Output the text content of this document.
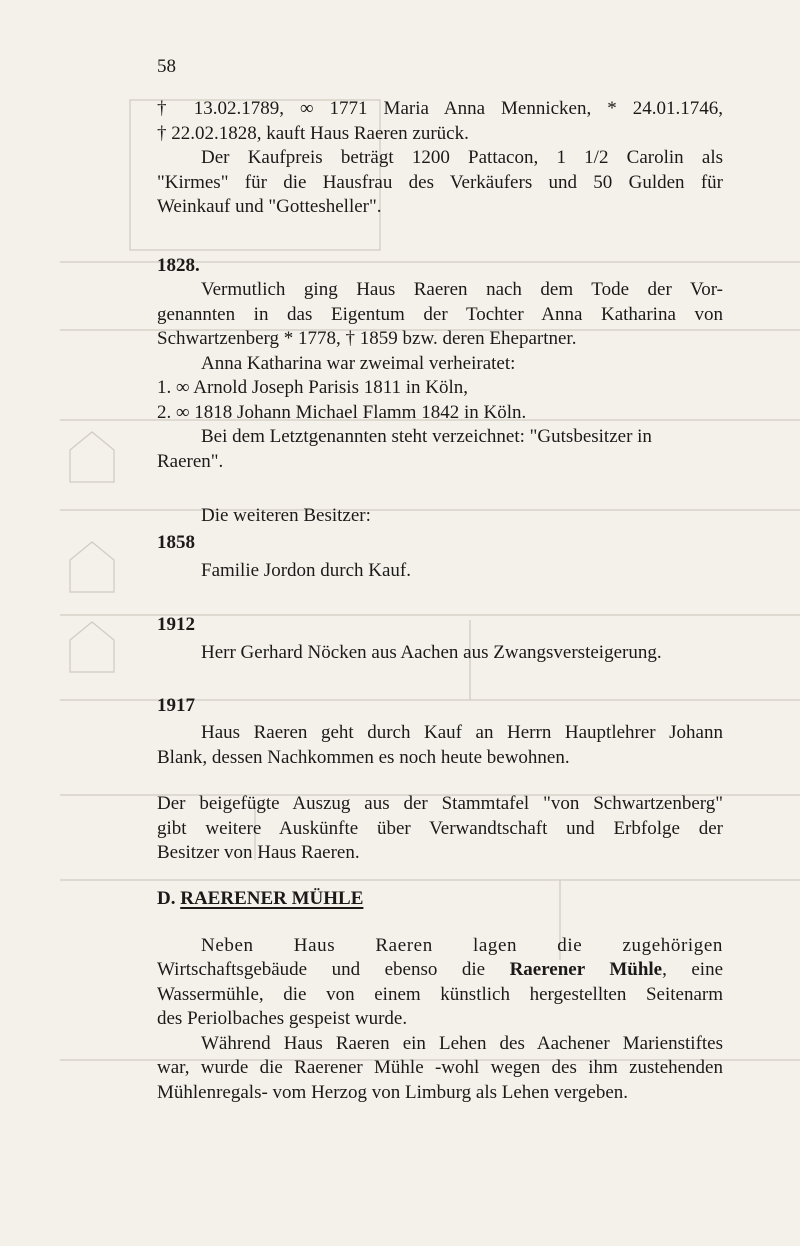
58

† 13.02.1789, ∞ 1771 Maria Anna Mennicken, * 24.01.1746,

† 22.02.1828, kauft Haus Raeren zurück.

Der Kaufpreis beträgt 1200 Pattacon, 1 1/2 Carolin als

"Kirmes" für die Hausfrau des Verkäufers und 50 Gulden für

Weinkauf und "Gottesheller".

1828.

Vermutlich ging Haus Raeren nach dem Tode der Vor-

genannten in das Eigentum der Tochter Anna Katharina von

Schwartzenberg * 1778, † 1859 bzw. deren Ehepartner.

Anna Katharina war zweimal verheiratet:

1. ∞ Arnold Joseph Parisis 1811 in Köln,

2. ∞ 1818 Johann Michael Flamm 1842 in Köln.

Bei dem Letztgenannten steht verzeichnet: "Gutsbesitzer in

Raeren".

Die weiteren Besitzer:

1858

Familie Jordon durch Kauf.

1912

Herr Gerhard Nöcken aus Aachen aus Zwangsversteigerung.

1917

Haus Raeren geht durch Kauf an Herrn Hauptlehrer Johann

Blank, dessen Nachkommen es noch heute bewohnen.

Der beigefügte Auszug aus der Stammtafel "von Schwartzenberg"

gibt weitere Auskünfte über Verwandtschaft und Erbfolge der

Besitzer von Haus Raeren.

D. RAERENER MÜHLE

Neben Haus Raeren lagen die zugehörigen

Wirtschaftsgebäude und ebenso die Raerener Mühle, eine

Wassermühle, die von einem künstlich hergestellten Seitenarm

des Periolbaches gespeist wurde.

Während Haus Raeren ein Lehen des Aachener Marienstiftes

war, wurde die Raerener Mühle -wohl wegen des ihm zustehenden

Mühlenregals- vom Herzog von Limburg als Lehen vergeben.
